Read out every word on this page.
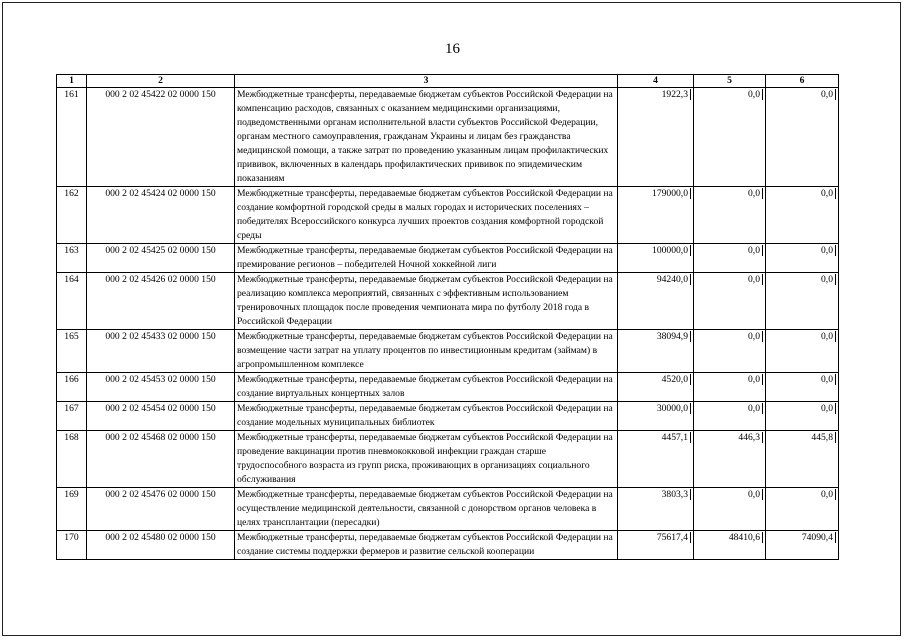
16
1	2	3	4	5	6
161	000 2 02 45422 02 0000 150	Межбюджетные трансферты, передаваемые бюджетам субъектов Российской Федерации на компенсацию расходов, связанных с оказанием медицинскими организациями, подведомственными органам исполнительной власти субъектов Российской Федерации, органам местного самоуправления, гражданам Украины и лицам без гражданства медицинской помощи, а также затрат по проведению указанным лицам профилактических прививок, включенных в календарь профилактических прививок по эпидемическим показаниям	1922,3	0,0	0,0
162	000 2 02 45424 02 0000 150	Межбюджетные трансферты, передаваемые бюджетам субъектов Российской Федерации на создание комфортной городской среды в малых городах и исторических поселениях – победителях Всероссийского конкурса лучших проектов создания комфортной городской среды	179000,0	0,0	0,0
163	000 2 02 45425 02 0000 150	Межбюджетные трансферты, передаваемые бюджетам субъектов Российской Федерации на премирование регионов – победителей Ночной хоккейной лиги	100000,0	0,0	0,0
164	000 2 02 45426 02 0000 150	Межбюджетные трансферты, передаваемые бюджетам субъектов Российской Федерации на реализацию комплекса мероприятий, связанных с эффективным использованием тренировочных площадок после проведения чемпионата мира по футболу 2018 года в Российской Федерации	94240,0	0,0	0,0
165	000 2 02 45433 02 0000 150	Межбюджетные трансферты, передаваемые бюджетам субъектов Российской Федерации на возмещение части затрат на уплату процентов по инвестиционным кредитам (займам) в агропромышленном комплексе	38094,9	0,0	0,0
166	000 2 02 45453 02 0000 150	Межбюджетные трансферты, передаваемые бюджетам субъектов Российской Федерации на создание виртуальных концертных залов	4520,0	0,0	0,0
167	000 2 02 45454 02 0000 150	Межбюджетные трансферты, передаваемые бюджетам субъектов Российской Федерации на создание модельных муниципальных библиотек	30000,0	0,0	0,0
168	000 2 02 45468 02 0000 150	Межбюджетные трансферты, передаваемые бюджетам субъектов Российской Федерации на проведение вакцинации против пневмококковой инфекции граждан старше трудоспособного возраста из групп риска, проживающих в организациях социального обслуживания	4457,1	446,3	445,8
169	000 2 02 45476 02 0000 150	Межбюджетные трансферты, передаваемые бюджетам субъектов Российской Федерации на осуществление медицинской деятельности, связанной с донорством органов человека в целях трансплантации (пересадки)	3803,3	0,0	0,0
170	000 2 02 45480 02 0000 150	Межбюджетные трансферты, передаваемые бюджетам субъектов Российской Федерации на создание системы поддержки фермеров и развитие сельской кооперации	75617,4	48410,6	74090,4
